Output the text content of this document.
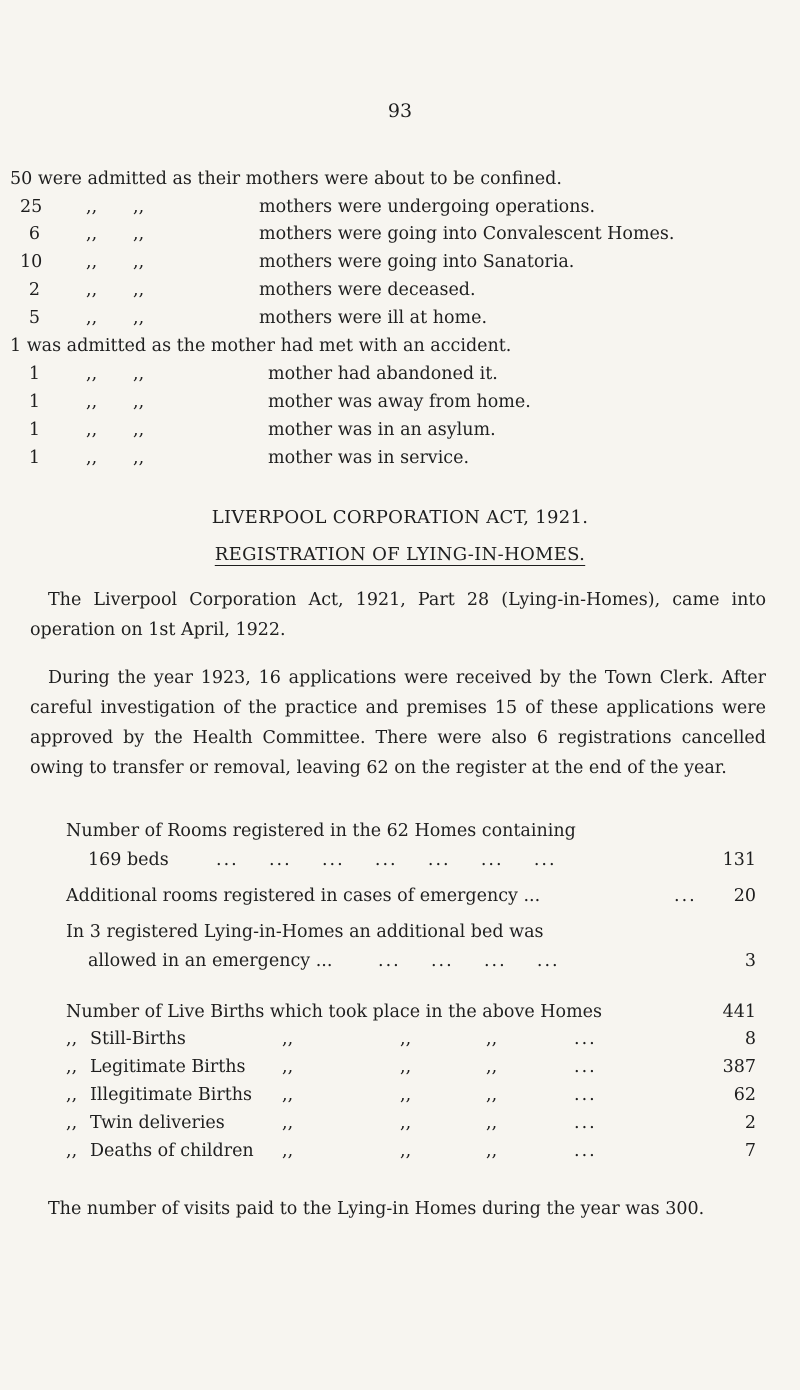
93
50 were admitted as their mothers were about to be confined.
25 ,, ,,	mothers were undergoing operations.
6	,, ,,	mothers were going into Convalescent Homes.
10 ,, ,,	mothers were going into Sanatoria.
2	,, ,,	mothers were deceased.
5	,, ,,	mothers were ill at home.
1 was admitted as the mother had met with an accident.
1	,, ,,	mother had abandoned it.
1	,, ,,	mother was away from home.
1	,, ,,	mother was in an asylum.
1	,, ,,	mother was in service.
LIVERPOOL CORPORATION ACT, 1921.
REGISTRATION OF LYING-IN-HOMES.
The Liverpool Corporation Act, 1921, Part 28 (Lying-in-Homes), came into operation on 1st April, 1922.
During the year 1923, 16 applications were received by the Town Clerk. After careful investigation of the practice and premises 15 of these applications were approved by the Health Committee. There were also 6 registrations cancelled owing to transfer or removal, leaving 62 on the register at the end of the year.
Number of Rooms registered in the 62 Homes containing
169 beds	... ... ... ... ... ... ...	131
Additional rooms registered in cases of emergency ...	... 20
In 3 registered Lying-in-Homes an additional bed was
allowed in an emergency ...	... ... ... ...	3
Number of Live Births which took place in the above Homes	441
,, Still-Births	,,	,,	,,	...	8
,, Legitimate Births ,,	,,	,,	...	387
,, Illegitimate Births ,,	,,	,,	...	62
,, Twin deliveries	,,	,,	,,	...	2
,, Deaths of children ,,	,,	,,	...	7
The number of visits paid to the Lying-in Homes during the year was 300.
